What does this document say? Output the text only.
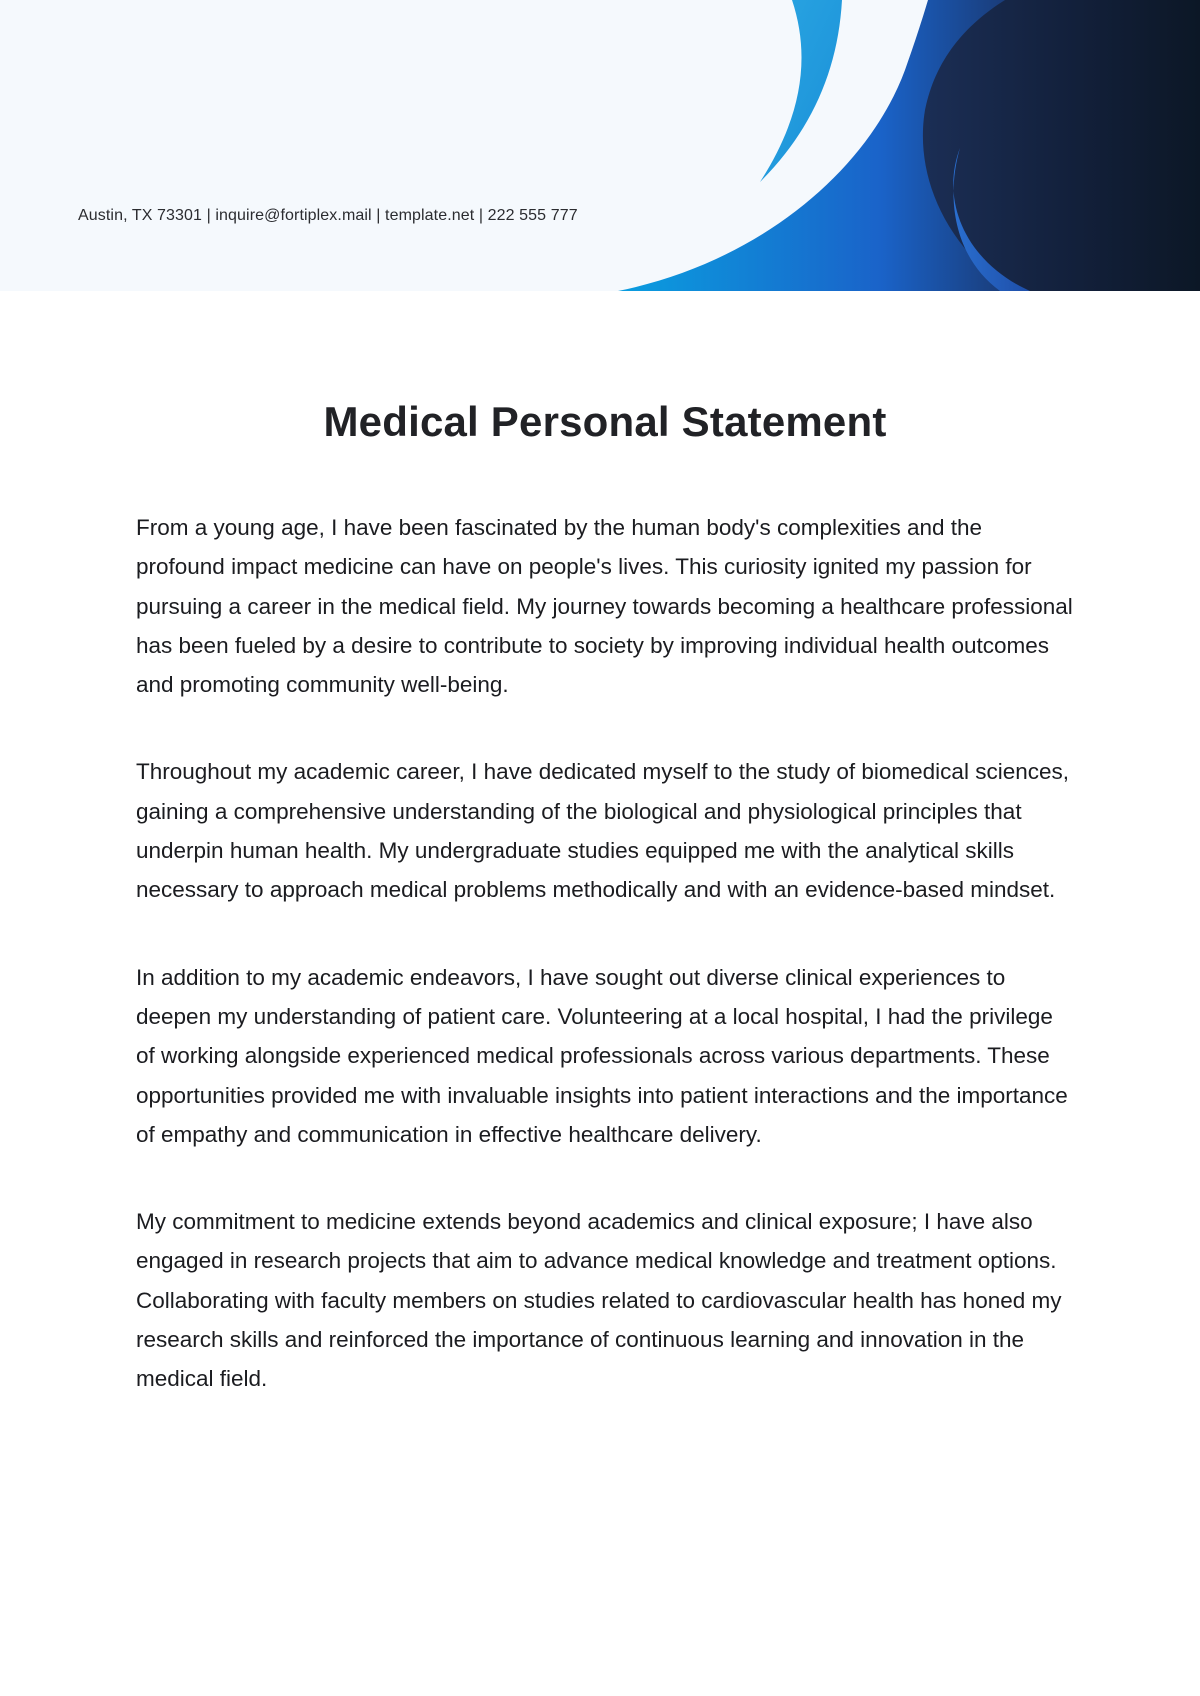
Austin, TX 73301 | inquire@fortiplex.mail | template.net | 222 555 777
Medical Personal Statement

From a young age, I have been fascinated by the human body's complexities and the profound impact medicine can have on people's lives. This curiosity ignited my passion for pursuing a career in the medical field. My journey towards becoming a healthcare professional has been fueled by a desire to contribute to society by improving individual health outcomes and promoting community well-being.

Throughout my academic career, I have dedicated myself to the study of biomedical sciences, gaining a comprehensive understanding of the biological and physiological principles that underpin human health. My undergraduate studies equipped me with the analytical skills necessary to approach medical problems methodically and with an evidence-based mindset.

In addition to my academic endeavors, I have sought out diverse clinical experiences to deepen my understanding of patient care. Volunteering at a local hospital, I had the privilege of working alongside experienced medical professionals across various departments. These opportunities provided me with invaluable insights into patient interactions and the importance of empathy and communication in effective healthcare delivery.

My commitment to medicine extends beyond academics and clinical exposure; I have also engaged in research projects that aim to advance medical knowledge and treatment options. Collaborating with faculty members on studies related to cardiovascular health has honed my research skills and reinforced the importance of continuous learning and innovation in the medical field.
